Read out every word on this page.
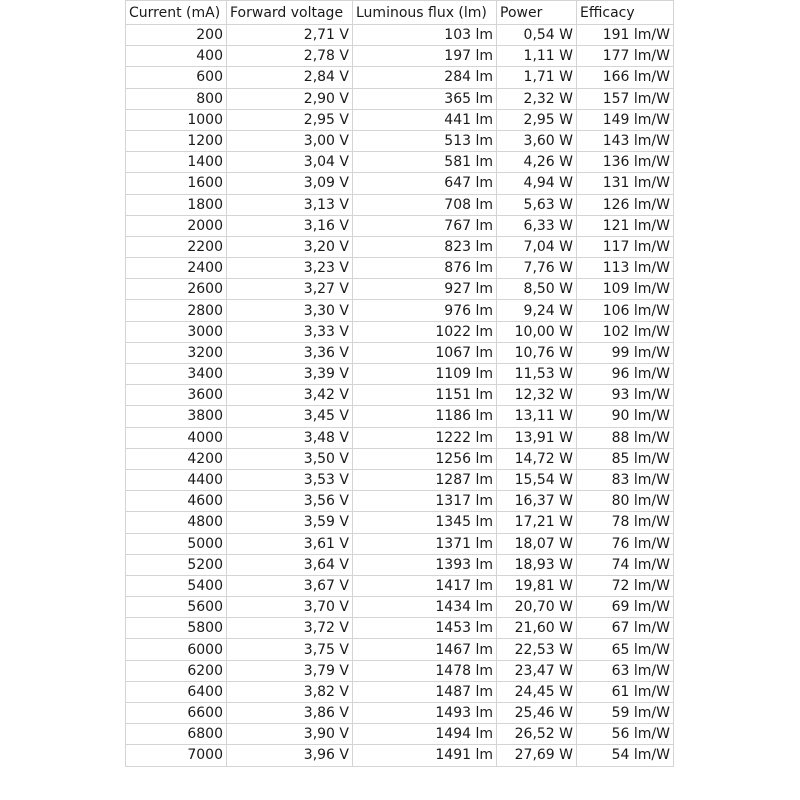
Current (mA)	Forward voltage	Luminous flux (lm)	Power	Efficacy
200	2,71 V	103 lm	0,54 W	191 lm/W
400	2,78 V	197 lm	1,11 W	177 lm/W
600	2,84 V	284 lm	1,71 W	166 lm/W
800	2,90 V	365 lm	2,32 W	157 lm/W
1000	2,95 V	441 lm	2,95 W	149 lm/W
1200	3,00 V	513 lm	3,60 W	143 lm/W
1400	3,04 V	581 lm	4,26 W	136 lm/W
1600	3,09 V	647 lm	4,94 W	131 lm/W
1800	3,13 V	708 lm	5,63 W	126 lm/W
2000	3,16 V	767 lm	6,33 W	121 lm/W
2200	3,20 V	823 lm	7,04 W	117 lm/W
2400	3,23 V	876 lm	7,76 W	113 lm/W
2600	3,27 V	927 lm	8,50 W	109 lm/W
2800	3,30 V	976 lm	9,24 W	106 lm/W
3000	3,33 V	1022 lm	10,00 W	102 lm/W
3200	3,36 V	1067 lm	10,76 W	99 lm/W
3400	3,39 V	1109 lm	11,53 W	96 lm/W
3600	3,42 V	1151 lm	12,32 W	93 lm/W
3800	3,45 V	1186 lm	13,11 W	90 lm/W
4000	3,48 V	1222 lm	13,91 W	88 lm/W
4200	3,50 V	1256 lm	14,72 W	85 lm/W
4400	3,53 V	1287 lm	15,54 W	83 lm/W
4600	3,56 V	1317 lm	16,37 W	80 lm/W
4800	3,59 V	1345 lm	17,21 W	78 lm/W
5000	3,61 V	1371 lm	18,07 W	76 lm/W
5200	3,64 V	1393 lm	18,93 W	74 lm/W
5400	3,67 V	1417 lm	19,81 W	72 lm/W
5600	3,70 V	1434 lm	20,70 W	69 lm/W
5800	3,72 V	1453 lm	21,60 W	67 lm/W
6000	3,75 V	1467 lm	22,53 W	65 lm/W
6200	3,79 V	1478 lm	23,47 W	63 lm/W
6400	3,82 V	1487 lm	24,45 W	61 lm/W
6600	3,86 V	1493 lm	25,46 W	59 lm/W
6800	3,90 V	1494 lm	26,52 W	56 lm/W
7000	3,96 V	1491 lm	27,69 W	54 lm/W
